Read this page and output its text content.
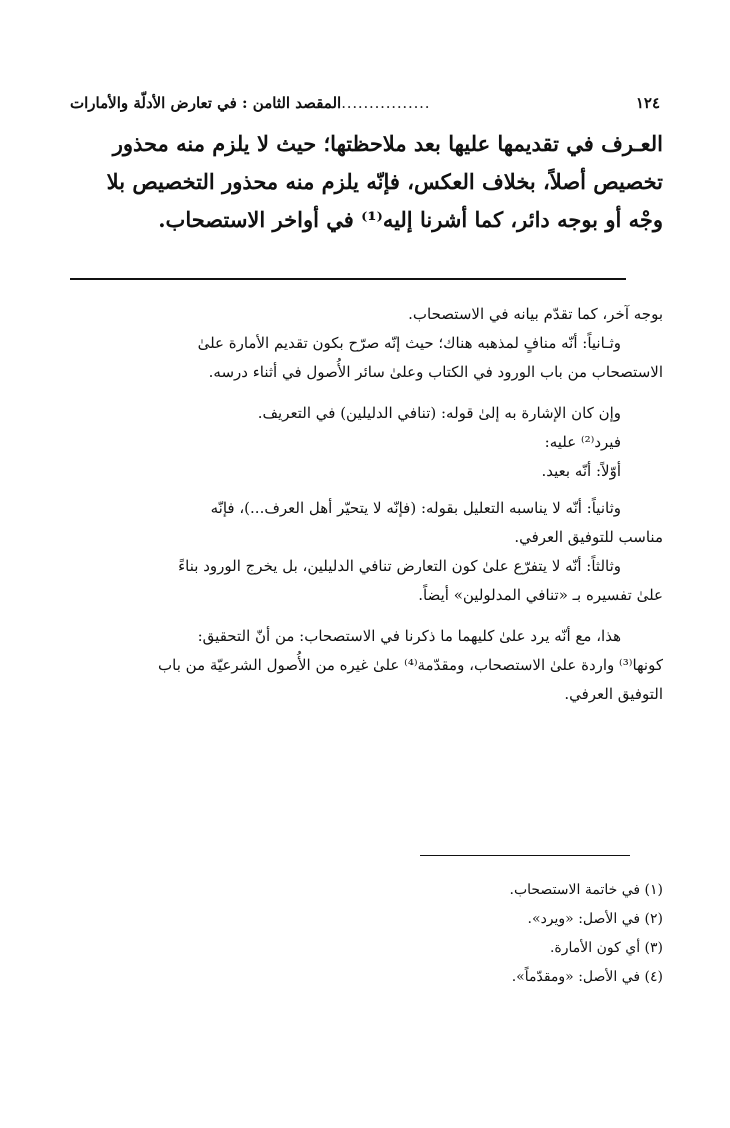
١٢٤
................
المقصد الثامن : في تعارض الأدلّة والأمارات

العـرف في تقديمها عليها بعد ملاحظتها؛ حيث لا يلزم منه محذور

تخصيص أصلاً، بخلاف العكس، فإنّه يلزم منه محذور التخصيص بلا

وجْه أو بوجه دائر، كما أشرنا إليه⁽¹⁾ في أواخر الاستصحاب.

بوجه آخر، كما تقدّم بيانه في الاستصحاب.

وثـانياً: أنّه منافٍ لمذهبه هناك؛ حيث إنّه صرّح بكون تقديم الأمارة علىٰ

الاستصحاب من باب الورود في الكتاب وعلىٰ سائر الأُصول في أثناء درسه.

وإن كان الإشارة به إلىٰ قوله: (تنافي الدليلين) في التعريف.

فيرد⁽²⁾ عليه:

أوّلاً: أنّه بعيد.

وثانياً: أنّه لا يناسبه التعليل بقوله: (فإنّه لا يتحيّر أهل العرف...)، فإنّه

مناسب للتوفيق العرفي.

وثالثاً: أنّه لا يتفرّع علىٰ كون التعارض تنافي الدليلين، بل يخرج الورود بناءً

علىٰ تفسيره بـ «تنافي المدلولين» أيضاً.

هذا، مع أنّه يرد علىٰ كليهما ما ذكرنا في الاستصحاب: من أنّ التحقيق:

كونها⁽³⁾ واردة علىٰ الاستصحاب، ومقدّمة⁽⁴⁾ علىٰ غيره من الأُصول الشرعيّة من باب

التوفيق العرفي.

(١) في خاتمة الاستصحاب.

(٢) في الأصل: «ويرد».

(٣) أي كون الأمارة.

(٤) في الأصل: «ومقدّماً».
